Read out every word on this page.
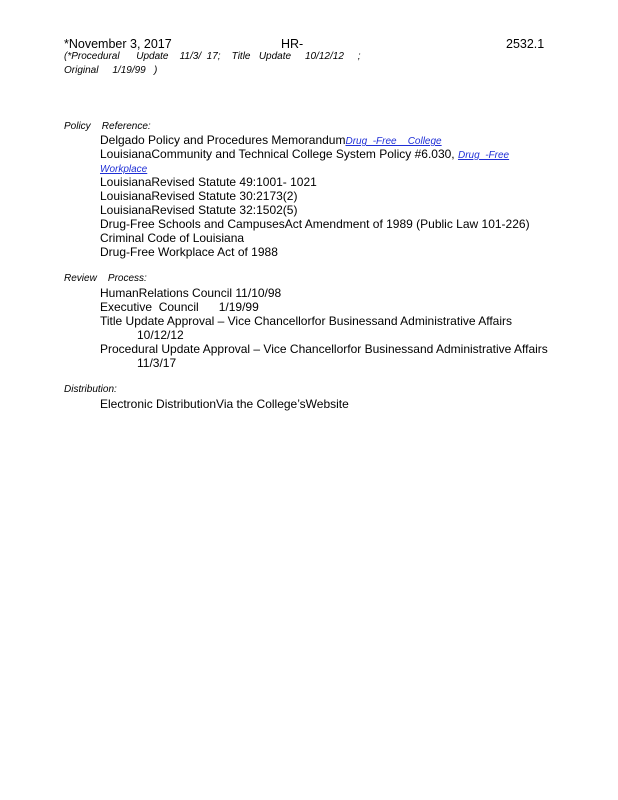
*November 3, 2017	HR-	2532.1
(*Procedural      Update    11/3/  17;    Title   Update     10/12/12     ;
Original     1/19/99   )
Policy    Reference:
Delgado Policy and Procedures MemorandumDrug  -Free    College
LouisianaCommunity and Technical College System Policy #6.030, Drug  -Free
Workplace
LouisianaRevised Statute 49:1001- 1021
LouisianaRevised Statute 30:2173(2)
LouisianaRevised Statute 32:1502(5)
Drug-Free Schools and CampusesAct Amendment of 1989 (Public Law 101-226)
Criminal Code of Louisiana
Drug-Free Workplace Act of 1988
Review    Process:
HumanRelations Council 11/10/98
Executive  Council      1/19/99
Title Update Approval – Vice Chancellorfor Businessand Administrative Affairs
10/12/12
Procedural Update Approval – Vice Chancellorfor Businessand Administrative Affairs
11/3/17
Distribution:
Electronic DistributionVia the College’sWebsite
